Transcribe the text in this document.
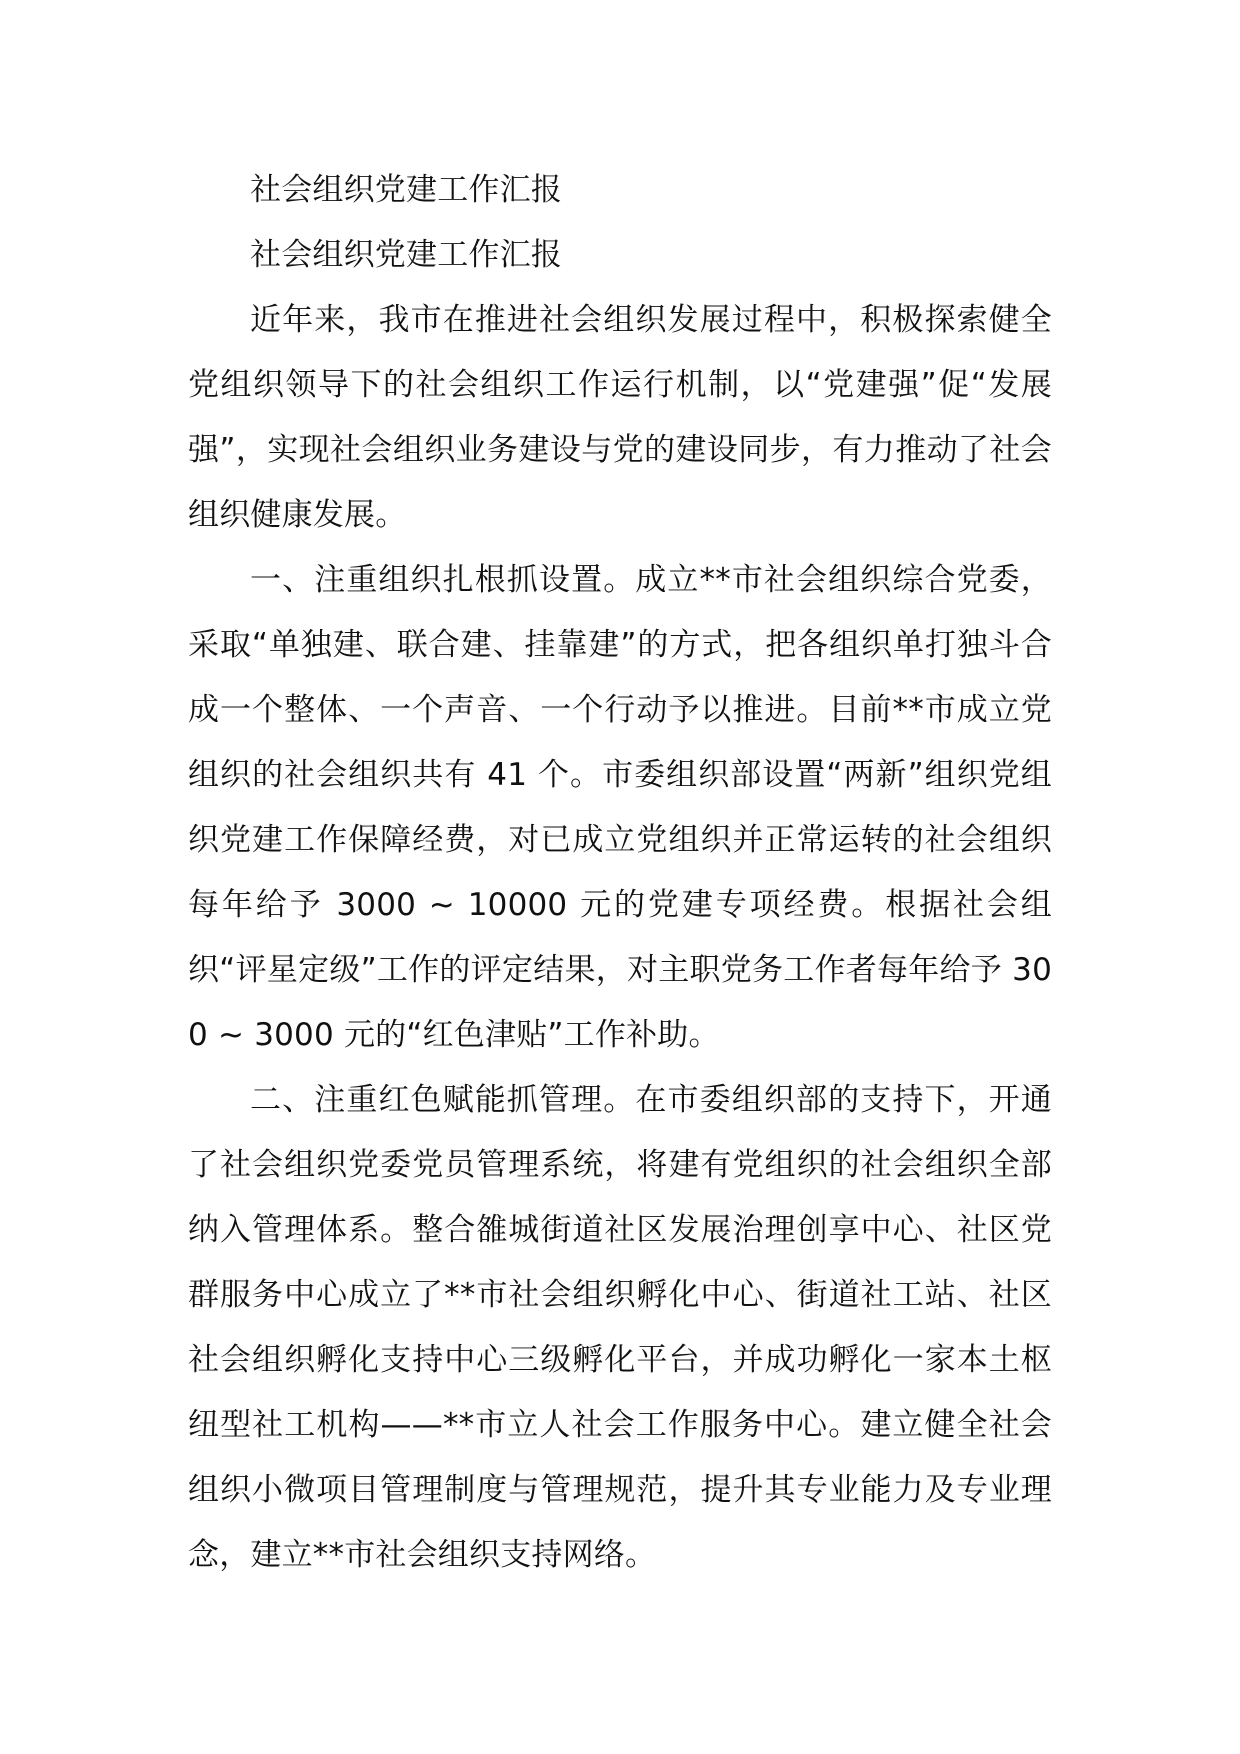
社会组织党建工作汇报

社会组织党建工作汇报

近年来，我市在推进社会组织发展过程中，积极探索健全党组织领导下的社会组织工作运行机制，以“党建强”促“发展强”，实现社会组织业务建设与党的建设同步，有力推动了社会组织健康发展。

一、注重组织扎根抓设置。成立**市社会组织综合党委，采取“单独建、联合建、挂靠建”的方式，把各组织单打独斗合成一个整体、一个声音、一个行动予以推进。目前**市成立党组织的社会组织共有 41 个。市委组织部设置“两新”组织党组织党建工作保障经费，对已成立党组织并正常运转的社会组织每年给予 3000 ~ 10000 元的党建专项经费。根据社会组织“评星定级”工作的评定结果，对主职党务工作者每年给予 300 ~ 3000 元的“红色津贴”工作补助。

二、注重红色赋能抓管理。在市委组织部的支持下，开通了社会组织党委党员管理系统，将建有党组织的社会组织全部纳入管理体系。整合雒城街道社区发展治理创享中心、社区党群服务中心成立了**市社会组织孵化中心、街道社工站、社区社会组织孵化支持中心三级孵化平台，并成功孵化一家本土枢纽型社工机构——**市立人社会工作服务中心。建立健全社会组织小微项目管理制度与管理规范，提升其专业能力及专业理念，建立**市社会组织支持网络。
